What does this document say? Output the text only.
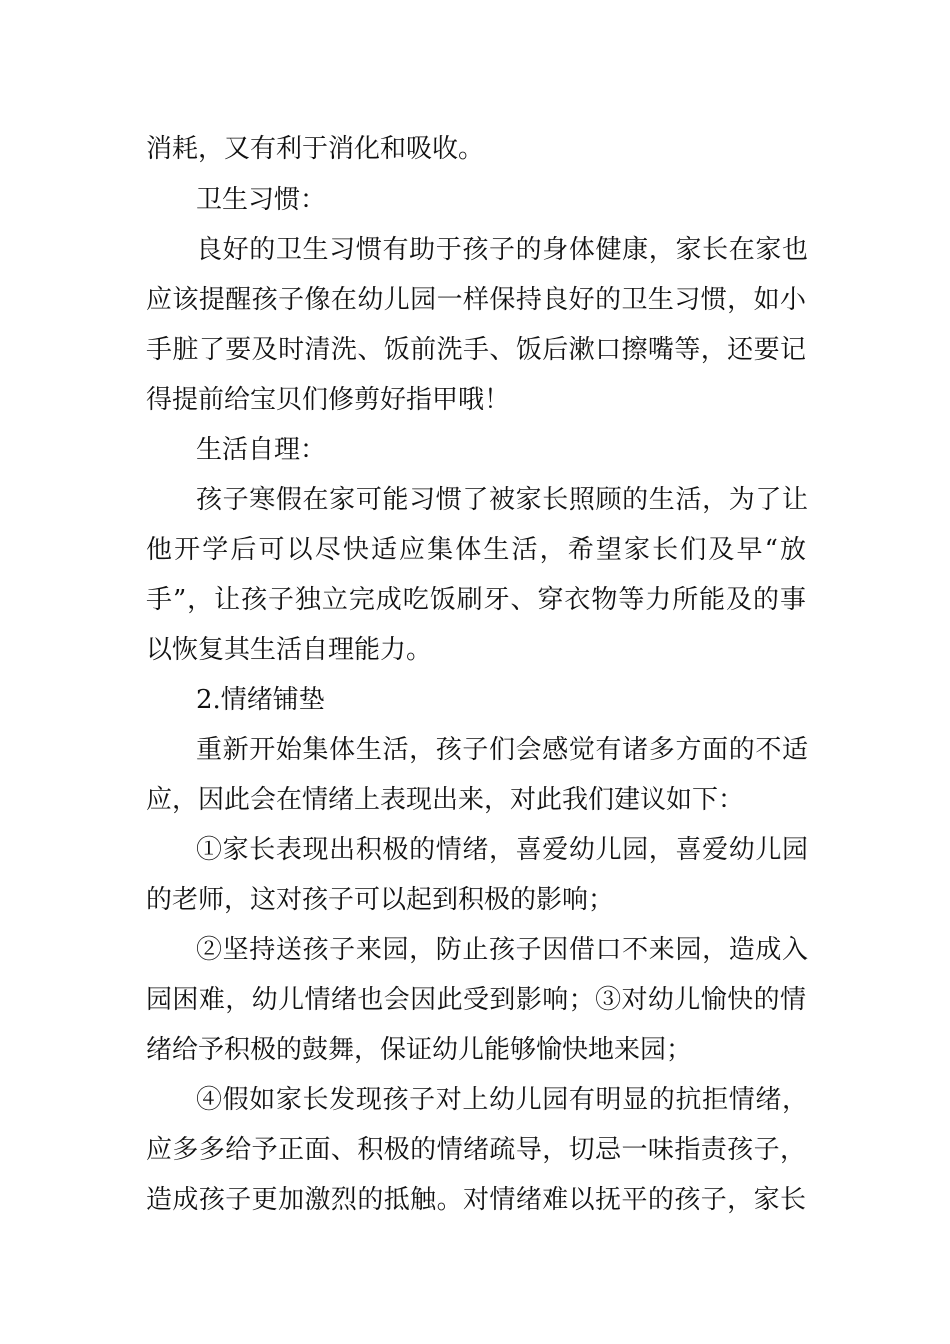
消耗，又有利于消化和吸收。
卫生习惯：
良好的卫生习惯有助于孩子的身体健康，家长在家也
应该提醒孩子像在幼儿园一样保持良好的卫生习惯，如小
手脏了要及时清洗、饭前洗手、饭后漱口擦嘴等，还要记
得提前给宝贝们修剪好指甲哦！
生活自理：
孩子寒假在家可能习惯了被家长照顾的生活，为了让
他开学后可以尽快适应集体生活，希望家长们及早“放
手”，让孩子独立完成吃饭刷牙、穿衣物等力所能及的事
以恢复其生活自理能力。
2.情绪铺垫
重新开始集体生活，孩子们会感觉有诸多方面的不适
应，因此会在情绪上表现出来，对此我们建议如下：
①家长表现出积极的情绪，喜爱幼儿园，喜爱幼儿园
的老师，这对孩子可以起到积极的影响；
②坚持送孩子来园，防止孩子因借口不来园，造成入
园困难，幼儿情绪也会因此受到影响；③对幼儿愉快的情
绪给予积极的鼓舞，保证幼儿能够愉快地来园；
④假如家长发现孩子对上幼儿园有明显的抗拒情绪，
应多多给予正面、积极的情绪疏导，切忌一味指责孩子，
造成孩子更加激烈的抵触。对情绪难以抚平的孩子，家长
